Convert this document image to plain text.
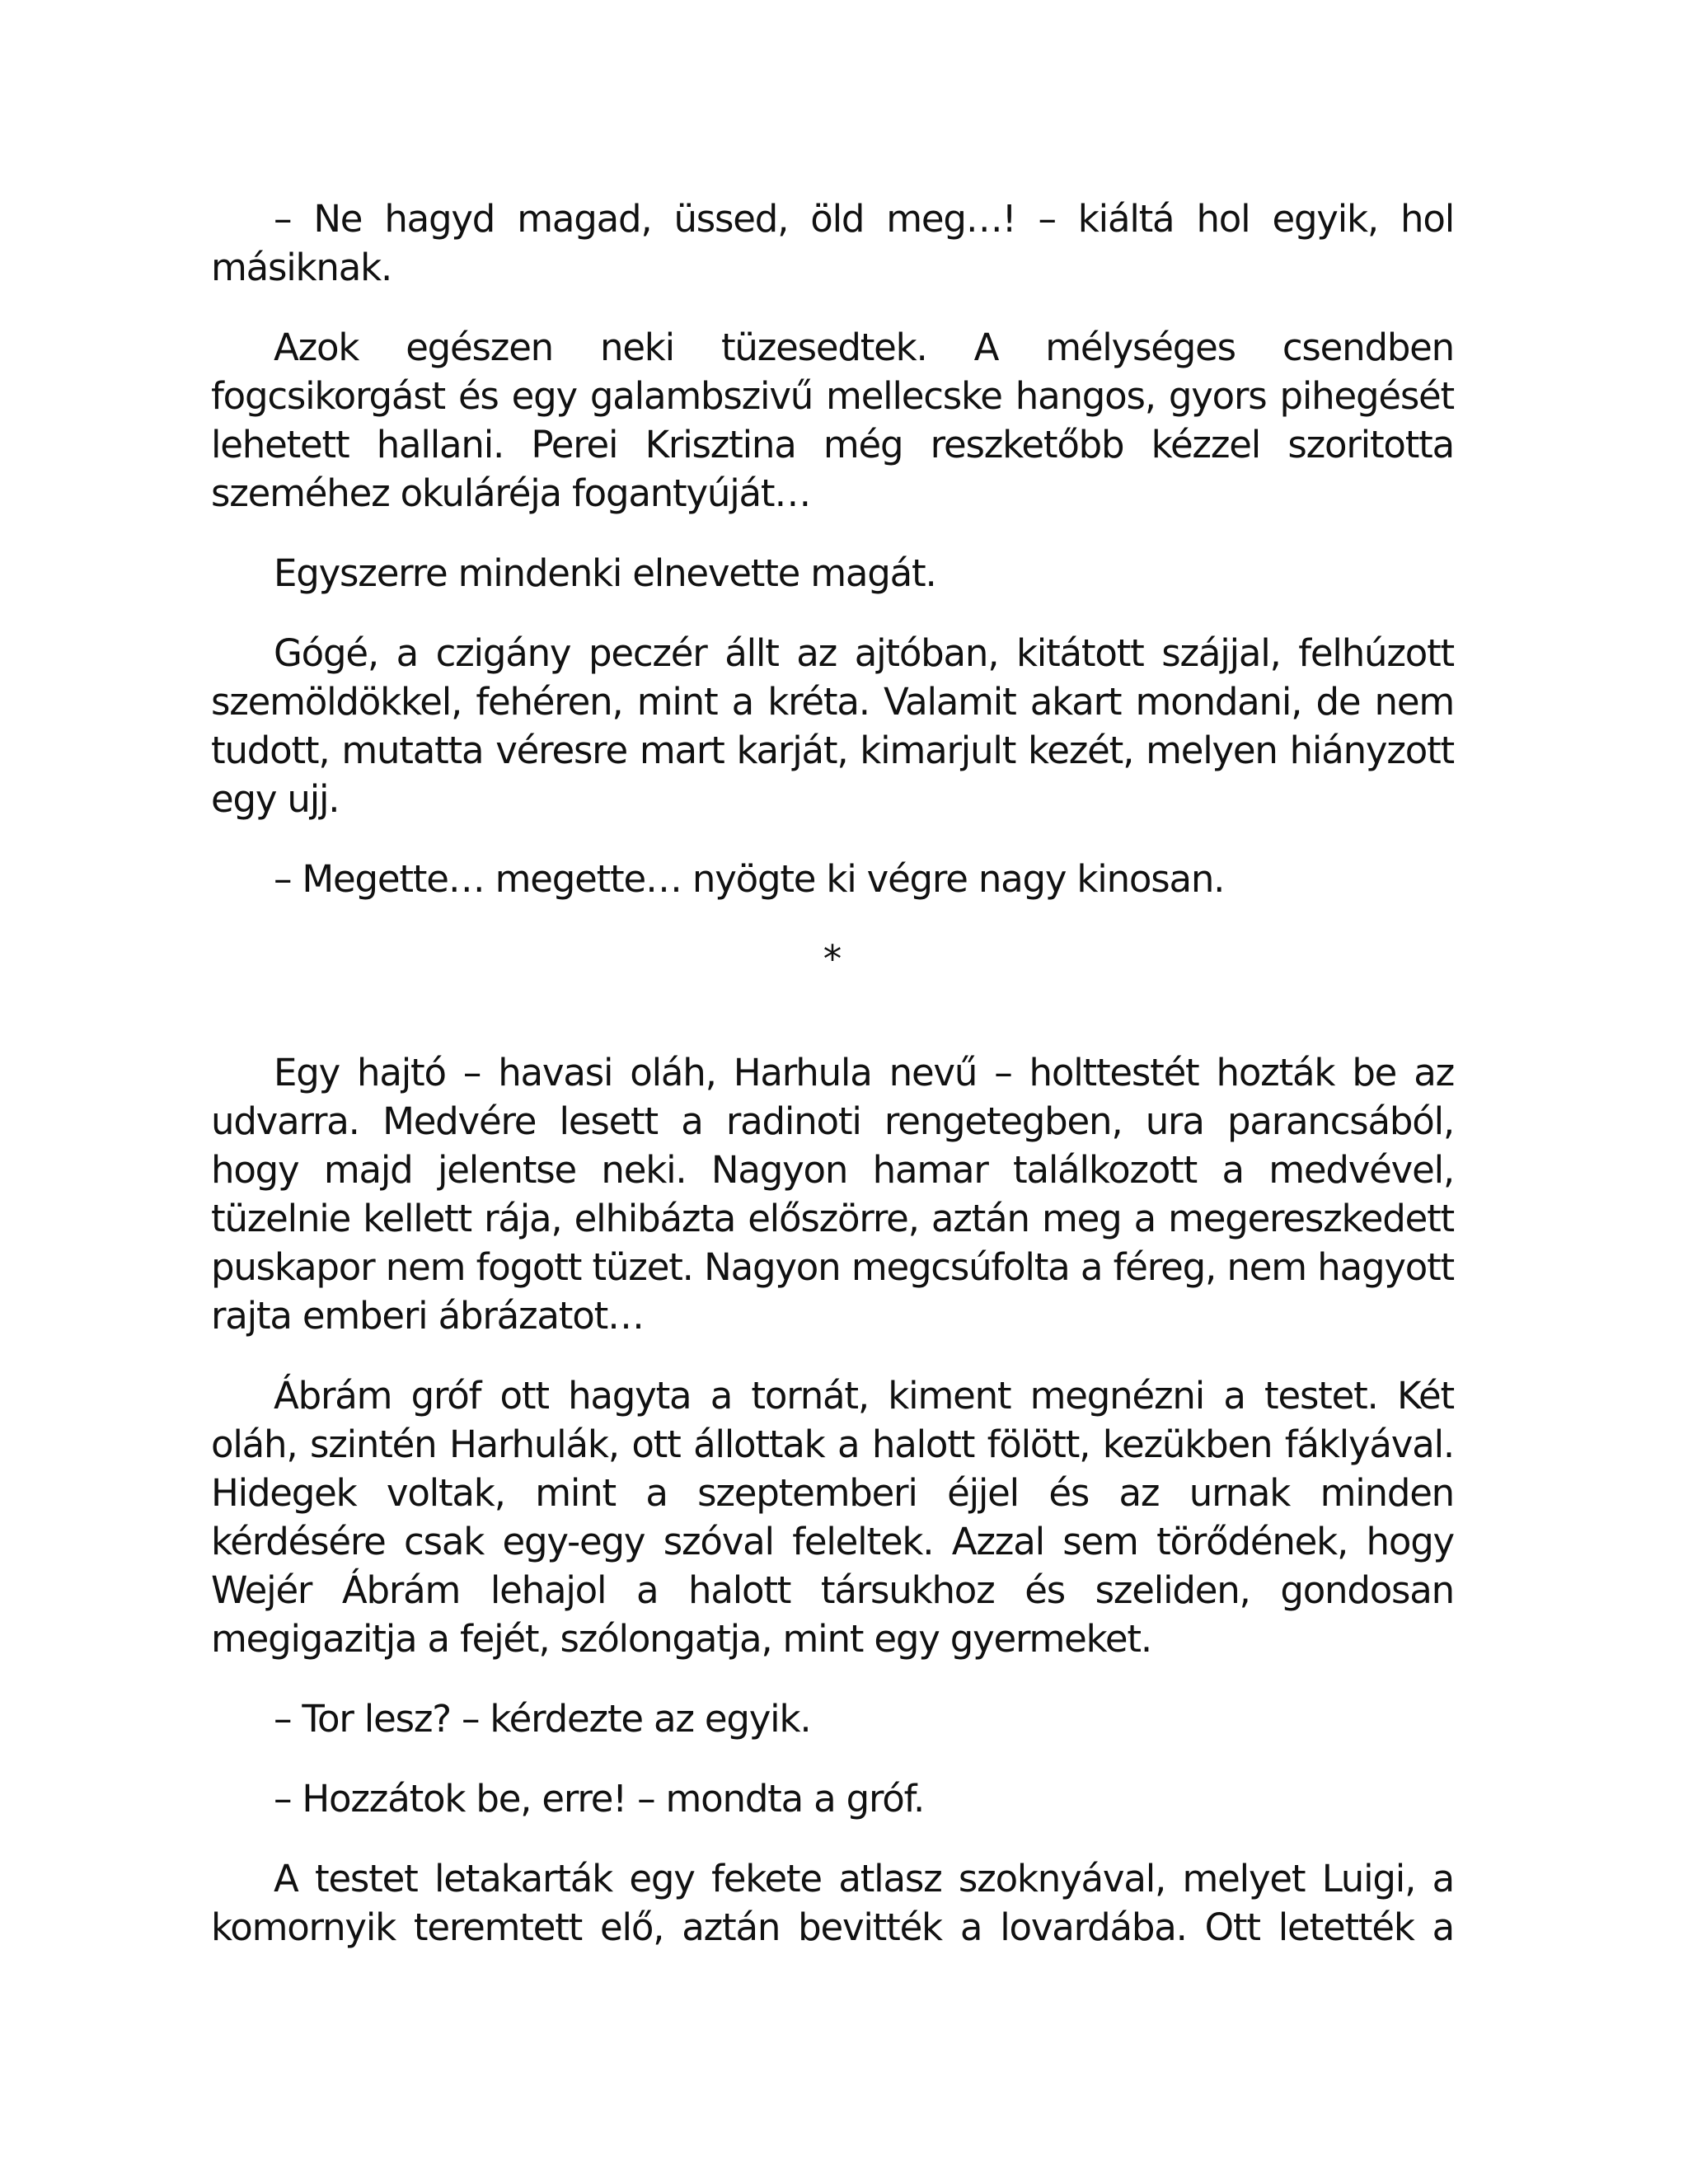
– Ne hagyd magad, üssed, öld meg…! – kiáltá hol egyik, hol másiknak.

Azok egészen neki tüzesedtek. A mélységes csendben fogcsikorgást és egy galambszivű mellecske hangos, gyors pihegését lehetett hallani. Perei Krisztina még reszketőbb kézzel szoritotta szeméhez okuláréja fogantyúját…

Egyszerre mindenki elnevette magát.

Gógé, a czigány peczér állt az ajtóban, kitátott szájjal, felhúzott szemöldökkel, fehéren, mint a kréta. Valamit akart mondani, de nem tudott, mutatta véresre mart karját, kimarjult kezét, melyen hiányzott egy ujj.

– Megette… megette… nyögte ki végre nagy kinosan.

*

Egy hajtó – havasi oláh, Harhula nevű – holttestét hozták be az udvarra. Medvére lesett a radinoti rengetegben, ura parancsából, hogy majd jelentse neki. Nagyon hamar találkozott a medvével, tüzelnie kellett rája, elhibázta előszörre, aztán meg a megereszkedett puskapor nem fogott tüzet. Nagyon megcsúfolta a féreg, nem hagyott rajta emberi ábrázatot…

Ábrám gróf ott hagyta a tornát, kiment megnézni a testet. Két oláh, szintén Harhulák, ott állottak a halott fölött, kezükben fáklyával. Hidegek voltak, mint a szeptemberi éjjel és az urnak minden kérdésére csak egy-egy szóval feleltek. Azzal sem törődének, hogy Wejér Ábrám lehajol a halott társukhoz és szeliden, gondosan megigazitja a fejét, szólongatja, mint egy gyermeket.

– Tor lesz? – kérdezte az egyik.

– Hozzátok be, erre! – mondta a gróf.

A testet letakarták egy fekete atlasz szoknyával, melyet Luigi, a komornyik teremtett elő, aztán bevitték a lovardába. Ott letették a
